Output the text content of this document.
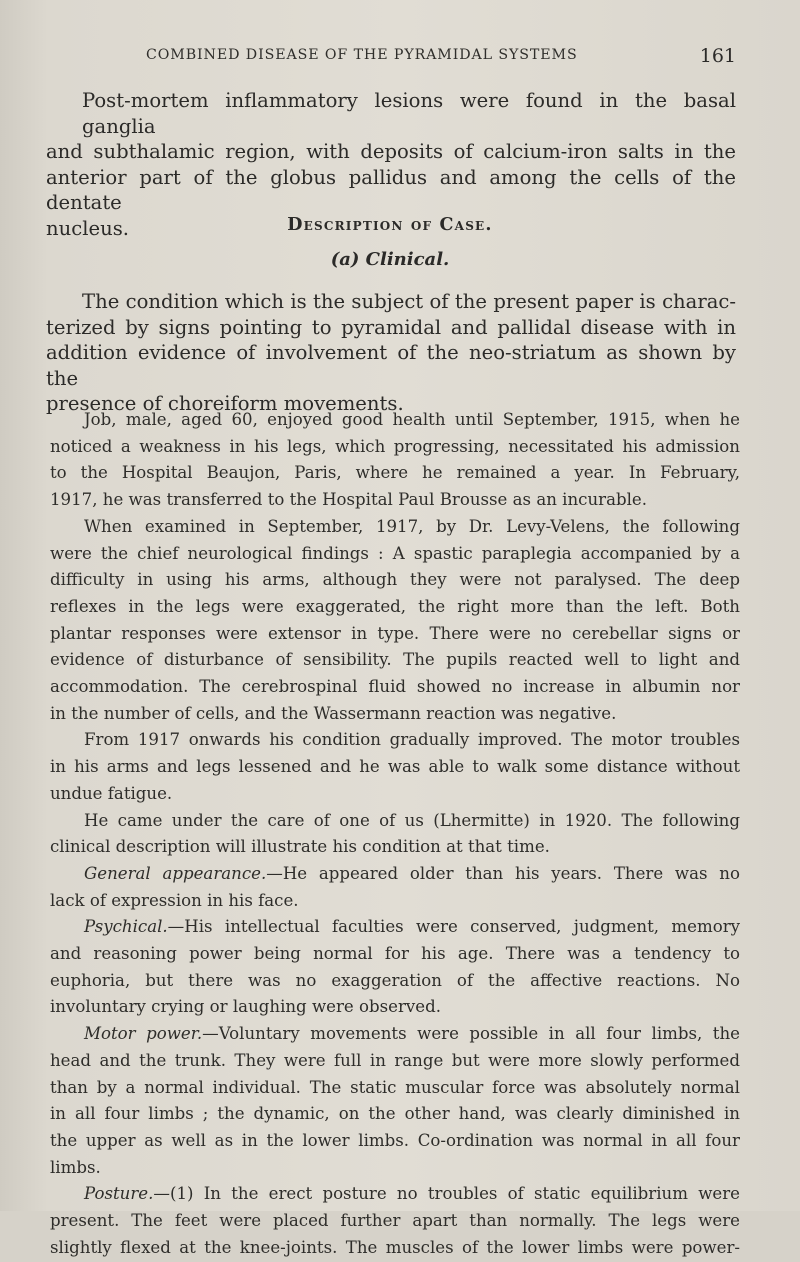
COMBINED DISEASE OF THE PYRAMIDAL SYSTEMS	161
Post-mortem inflammatory lesions were found in the basal ganglia
and subthalamic region, with deposits of calcium-iron salts in the
anterior part of the globus pallidus and among the cells of the dentate
nucleus.	Description of Case.
(a) Clinical.
The condition which is the subject of the present paper is charac-
terized by signs pointing to pyramidal and pallidal disease with in
addition evidence of involvement of the neo-striatum as shown by the
presence of choreiform movements.
Job, male, aged 60, enjoyed good health until September, 1915, when he
noticed a weakness in his legs, which progressing, necessitated his admission
to the Hospital Beaujon, Paris, where he remained a year. In February,
1917, he was transferred to the Hospital Paul Brousse as an incurable.
When examined in September, 1917, by Dr. Levy-Velens, the following
were the chief neurological findings : A spastic paraplegia accompanied by a
difficulty in using his arms, although they were not paralysed. The deep
reflexes in the legs were exaggerated, the right more than the left. Both
plantar responses were extensor in type. There were no cerebellar signs or
evidence of disturbance of sensibility. The pupils reacted well to light and
accommodation. The cerebrospinal fluid showed no increase in albumin nor
in the number of cells, and the Wassermann reaction was negative.
From 1917 onwards his condition gradually improved. The motor troubles
in his arms and legs lessened and he was able to walk some distance without
undue fatigue.
He came under the care of one of us (Lhermitte) in 1920. The following
clinical description will illustrate his condition at that time.
General appearance.—He appeared older than his years. There was no
lack of expression in his face.
Psychical.—His intellectual faculties were conserved, judgment, memory
and reasoning power being normal for his age. There was a tendency to
euphoria, but there was no exaggeration of the affective reactions. No
involuntary crying or laughing were observed.
Motor power.—Voluntary movements were possible in all four limbs, the
head and the trunk. They were full in range but were more slowly performed
than by a normal individual. The static muscular force was absolutely normal
in all four limbs ; the dynamic, on the other hand, was clearly diminished in
the upper as well as in the lower limbs. Co-ordination was normal in all four
limbs.
Posture.—(1) In the erect posture no troubles of static equilibrium were
present. The feet were placed further apart than normally. The legs were
slightly flexed at the knee-joints. The muscles of the lower limbs were power-
